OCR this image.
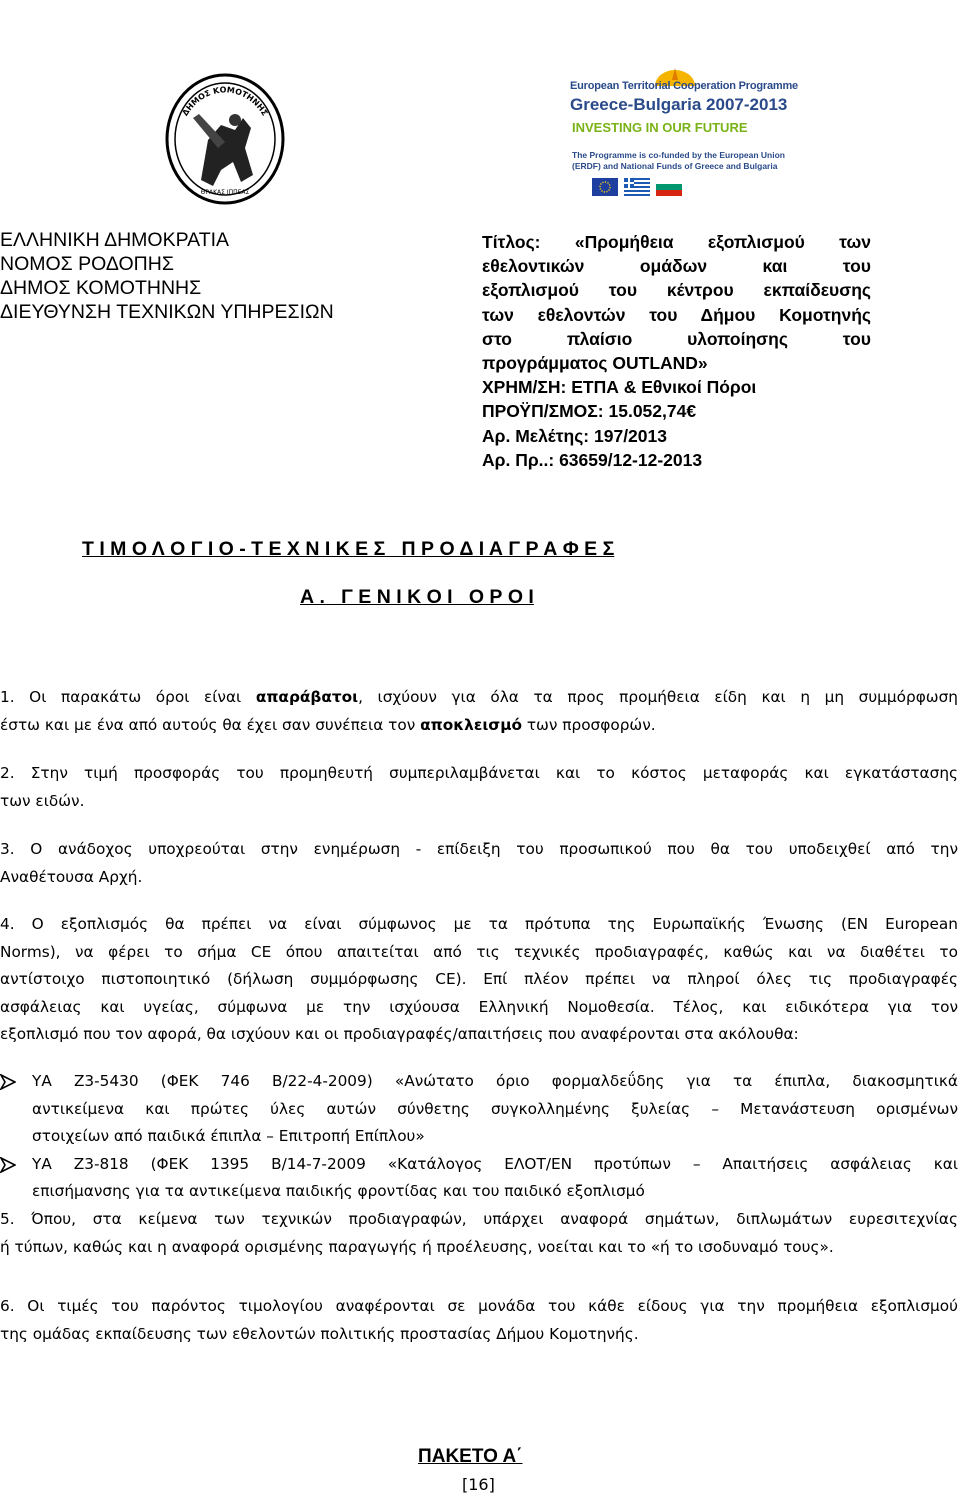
ΔΗΜΟΣ ΚΟΜΟΤΗΝΗΣ
ΘΡΑΚΑΣ ΙΠΠΕΑΣ
European Territorial Cooperation Programme
Greece-Bulgaria 2007-2013
INVESTING IN OUR FUTURE
The Programme is co-funded by the European Union (ERDF) and National Funds of Greece and Bulgaria
ΕΛΛΗΝΙΚΗ ΔΗΜΟΚΡΑΤΙΑ
ΝΟΜΟΣ ΡΟΔΟΠΗΣ
ΔΗΜΟΣ ΚΟΜΟΤΗΝΗΣ
ΔΙΕΥΘΥΝΣΗ ΤΕΧΝΙΚΩΝ ΥΠΗΡΕΣΙΩΝ
Τίτλος: «Προμήθεια εξοπλισμού των
εθελοντικών ομάδων και του
εξοπλισμού του κέντρου εκπαίδευσης
των εθελοντών του Δήμου Κομοτηνής
στο πλαίσιο υλοποίησης του
προγράμματος OUTLAND»
ΧΡΗΜ/ΣΗ: ΕΤΠΑ & Εθνικοί Πόροι
ΠΡΟΫΠ/ΣΜΟΣ: 15.052,74€
Αρ. Μελέτης: 197/2013
Αρ. Πρ..: 63659/12-12-2013
Τ Ι Μ Ο Λ Ο Γ Ι Ο - Τ Ε Χ Ν Ι Κ Ε Σ   Π Ρ Ο Δ Ι Α Γ Ρ Α Φ Ε Σ
Α .   Γ Ε Ν Ι Κ Ο Ι   Ο Ρ Ο Ι

1. Οι παρακάτω όροι είναι απαράβατοι, ισχύουν για όλα τα προς προμήθεια είδη και η μη συμμόρφωση

έστω και με ένα από αυτούς θα έχει σαν συνέπεια τον αποκλεισμό των προσφορών.

2. Στην τιμή προσφοράς του προμηθευτή συμπεριλαμβάνεται και το κόστος μεταφοράς και εγκατάστασης

των ειδών.

3. Ο ανάδοχος υποχρεούται στην ενημέρωση - επίδειξη του προσωπικού που θα του υποδειχθεί από την

Αναθέτουσα Αρχή.

4. Ο εξοπλισμός θα πρέπει να είναι σύμφωνος με τα πρότυπα της Ευρωπαϊκής Ένωσης (ΕΝ European

Norms), να φέρει το σήμα CE όπου απαιτείται από τις τεχνικές προδιαγραφές, καθώς και να διαθέτει το

αντίστοιχο πιστοποιητικό (δήλωση συμμόρφωσης CE). Επί πλέον πρέπει να πληροί όλες τις προδιαγραφές

ασφάλειας και υγείας, σύμφωνα με την ισχύουσα Ελληνική Νομοθεσία. Τέλος, και ειδικότερα για τον

εξοπλισμό που τον αφορά, θα ισχύουν και οι προδιαγραφές/απαιτήσεις που αναφέρονται στα ακόλουθα:

ΥΑ Ζ3-5430 (ΦΕΚ 746 Β/22-4-2009) «Ανώτατο όριο φορμαλδεΰδης για τα έπιπλα, διακοσμητικά

αντικείμενα και πρώτες ύλες αυτών σύνθετης συγκολλημένης ξυλείας – Μετανάστευση ορισμένων

στοιχείων από παιδικά έπιπλα – Επιτροπή Επίπλου»

ΥΑ Ζ3-818 (ΦΕΚ 1395 Β/14-7-2009 «Κατάλογος ΕΛΟΤ/ΕΝ προτύπων – Απαιτήσεις ασφάλειας και

επισήμανσης για τα αντικείμενα παιδικής φροντίδας και του παιδικό εξοπλισμό

5. Όπου, στα κείμενα των τεχνικών προδιαγραφών, υπάρχει αναφορά σημάτων, διπλωμάτων ευρεσιτεχνίας

ή τύπων, καθώς και η αναφορά ορισμένης παραγωγής ή προέλευσης, νοείται και το «ή το ισοδυναμό τους».

6. Οι τιμές του παρόντος τιμολογίου αναφέρονται σε μονάδα του κάθε είδους για την προμήθεια εξοπλισμού

της ομάδας εκπαίδευσης των εθελοντών πολιτικής προστασίας Δήμου Κομοτηνής.

ΠΑΚΕΤΟ Α΄
[16]
